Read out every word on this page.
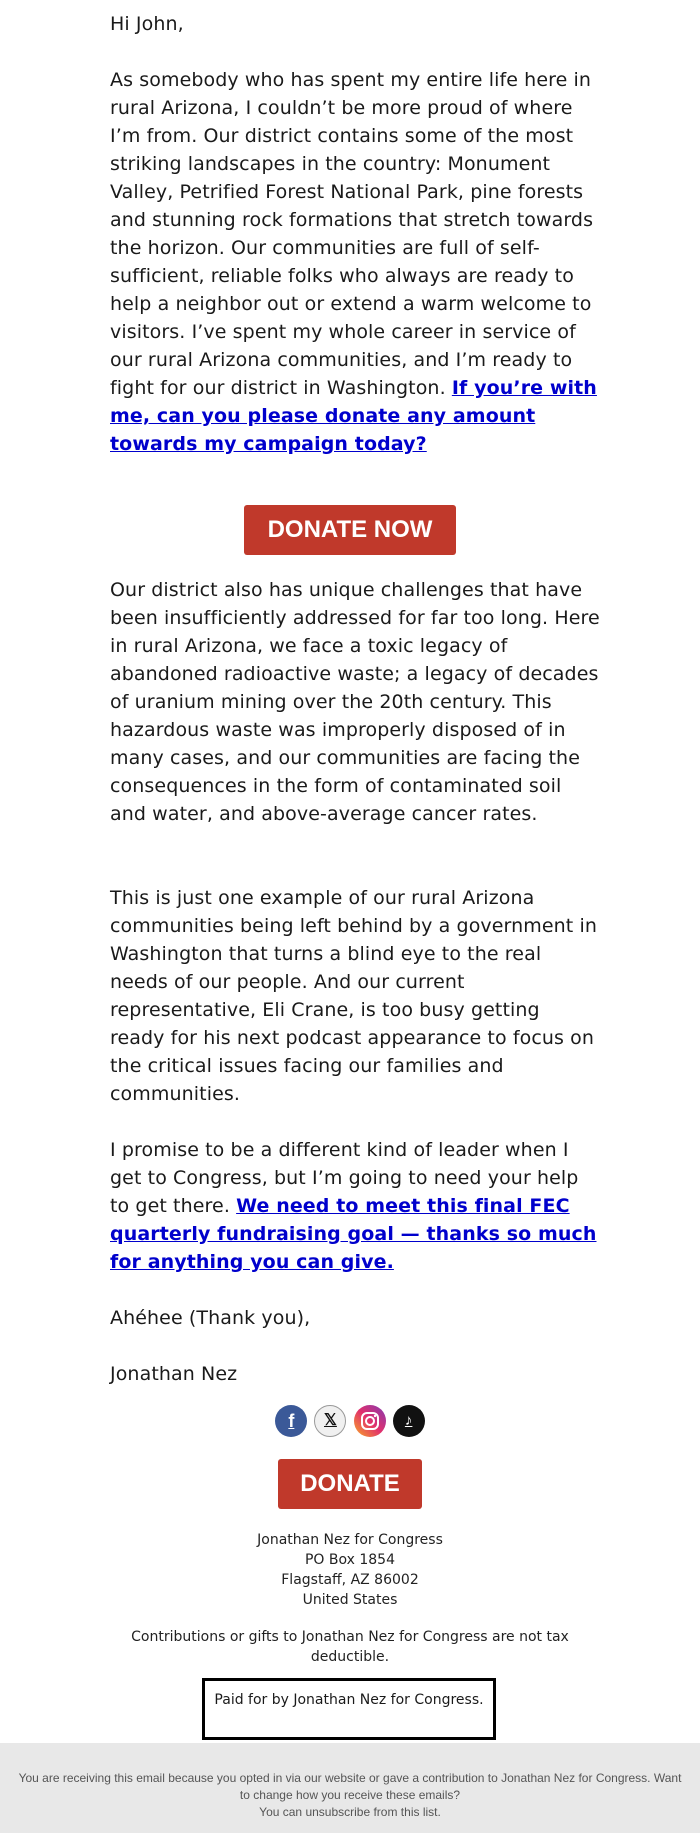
Hi John,

As somebody who has spent my entire life here in rural Arizona, I couldn’t be more proud of where I’m from. Our district contains some of the most striking landscapes in the country: Monument Valley, Petrified Forest National Park, pine forests and stunning rock formations that stretch towards the horizon. Our communities are full of self-sufficient, reliable folks who always are ready to help a neighbor out or extend a warm welcome to visitors. I’ve spent my whole career in service of our rural Arizona communities, and I’m ready to fight for our district in Washington. If you’re with me, can you please donate any amount towards my campaign today?

Our district also has unique challenges that have been insufficiently addressed for far too long. Here in rural Arizona, we face a toxic legacy of abandoned radioactive waste; a legacy of decades of uranium mining over the 20th century. This hazardous waste was improperly disposed of in many cases, and our communities are facing the consequences in the form of contaminated soil and water, and above-average cancer rates.

This is just one example of our rural Arizona communities being left behind by a government in Washington that turns a blind eye to the real needs of our people. And our current representative, Eli Crane, is too busy getting ready for his next podcast appearance to focus on the critical issues facing our families and communities.

I promise to be a different kind of leader when I get to Congress, but I’m going to need your help to get there. We need to meet this final FEC quarterly fundraising goal — thanks so much for anything you can give.

Ahéhee (Thank you),

Jonathan Nez

DONATE NOW
f 𝕏	♪
DONATE
Jonathan Nez for Congress
PO Box 1854
Flagstaff, AZ 86002
United States
Contributions or gifts to Jonathan Nez for Congress are not tax deductible.
Paid for by Jonathan Nez for Congress.
You are receiving this email because you opted in via our website or gave a contribution to Jonathan Nez for Congress. Want to change how you receive these emails?
You can unsubscribe from this list.
